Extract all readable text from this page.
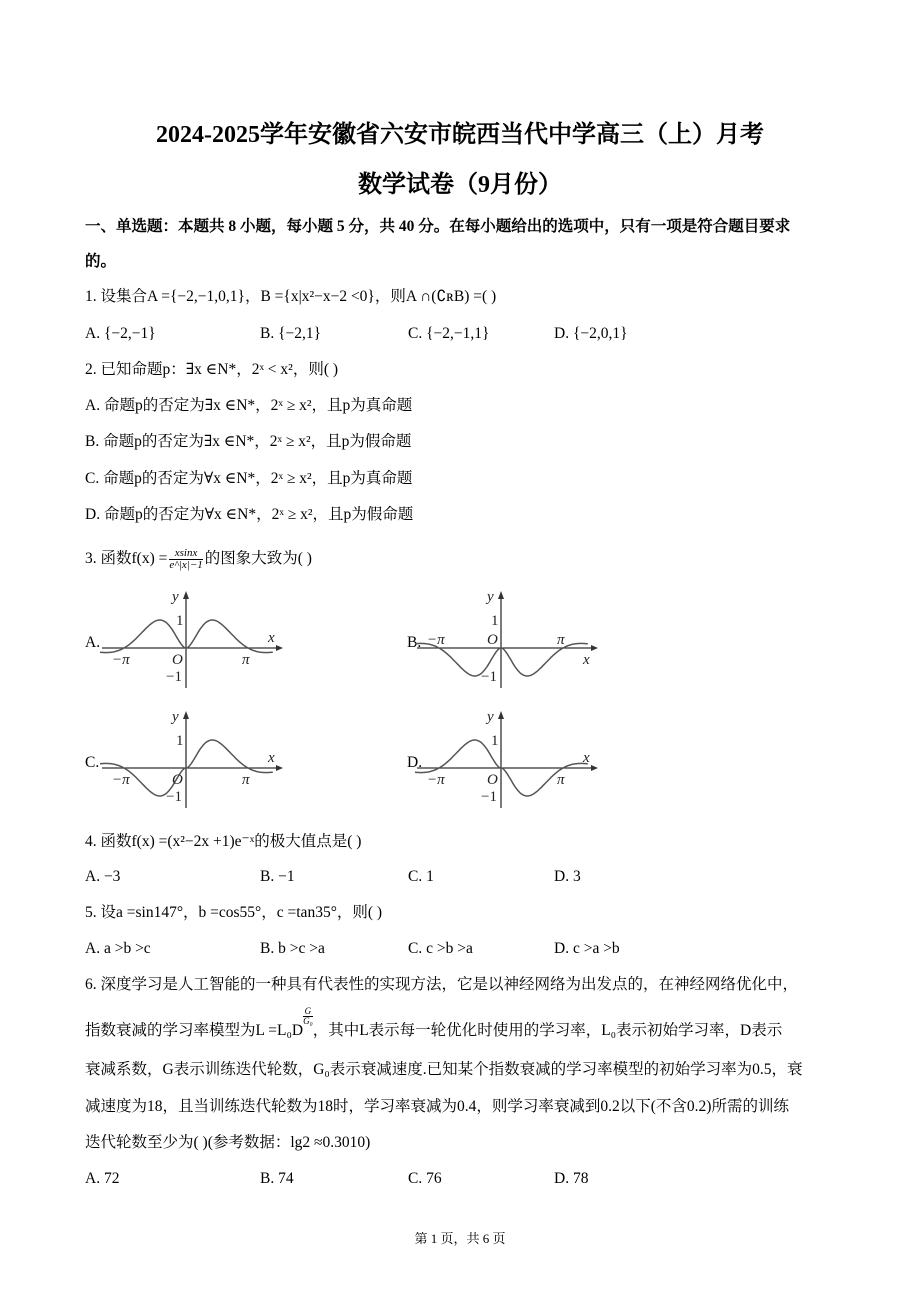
2024-2025学年安徽省六安市皖西当代中学高三（上）月考
数学试卷（9月份）
一、单选题：本题共 8 小题，每小题 5 分，共 40 分。在每小题给出的选项中，只有一项是符合题目要求
的。
1. 设集合A ={−2,−1,0,1}，B ={x|x²−x−2 <0}，则A ∩(∁ʀB) =( )
A. {−2,−1}	B. {−2,1}	C. {−2,−1,1}	D. {−2,0,1}
2. 已知命题p：∃x ∈N*，2ˣ < x²，则( )
A. 命题p的否定为∃x ∈N*，2ˣ ≥ x²，且p为真命题
B. 命题p的否定为∃x ∈N*，2ˣ ≥ x²，且p为假命题
C. 命题p的否定为∀x ∈N*，2ˣ ≥ x²，且p为真命题
D. 命题p的否定为∀x ∈N*，2ˣ ≥ x²，且p为假命题
3. 函数$f(x) = \frac{xsinx}{e\^{}|x|-1}$ 的图象大致为( )
A.	B.
C.	D.
y
x
O
1
−1
π
−π
y
x
O
1
−1
π
−π
y
x
O
1
−1
π
−π
y
x
O
1
−1
π
−π
4. 函数f(x) =(x²−2x +1)e⁻ˣ的极大值点是( )
A. −3	B. −1	C. 1	D. 3
5. 设a =sin147°，b =cos55°，c =tan35°，则( )
A. a >b >c	B. b >c >a	C. c >b >a	D. c >a >b
6. 深度学习是人工智能的一种具有代表性的实现方法，它是以神经网络为出发点的，在神经网络优化中，
指数衰减的学习率模型为L =L₀D
$\frac{G}{\text{G₀}}$
，其中L表示每一轮优化时使用的学习率，L₀表示初始学习率，D表示
衰减系数，G表示训练迭代轮数，G₀表示衰减速度.已知某个指数衰减的学习率模型的初始学习率为0.5，衰
减速度为18，且当训练迭代轮数为18时，学习率衰减为0.4，则学习率衰减到0.2以下(不含0.2)所需的训练
迭代轮数至少为( )(参考数据：lg2 ≈0.3010)
A. 72	B. 74	C. 76	D. 78
第 1 页，共 6 页
